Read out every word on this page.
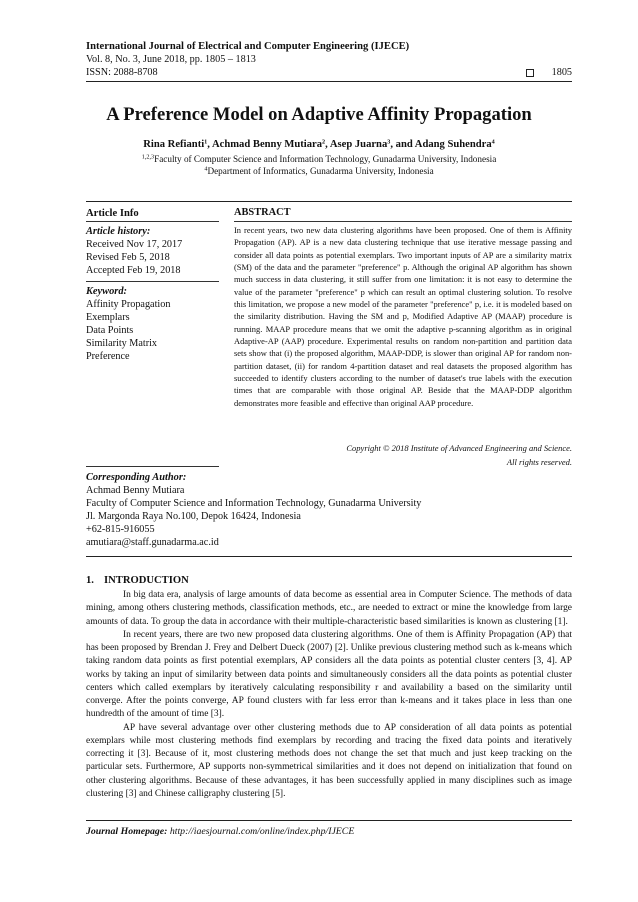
International Journal of Electrical and Computer Engineering (IJECE)
Vol. 8, No. 3, June 2018, pp. 1805 – 1813
ISSN: 2088-8708	1805
A Preference Model on Adaptive Affinity Propagation
Rina Refianti$^1$, Achmad Benny Mutiara$^2$, Asep Juarna$^3$, and Adang Suhendra$^4$
$^{1,2,3}$Faculty of Computer Science and Information Technology, Gunadarma University, Indonesia
$^4$Department of Informatics, Gunadarma University, Indonesia
Article Info
Article history:
Received Nov 17, 2017
Revised Feb 5, 2018
Accepted Feb 19, 2018
Keyword:
Affinity Propagation
Exemplars
Data Points
Similarity Matrix
Preference
ABSTRACT
In recent years, two new data clustering algorithms have been proposed. One of them is Affinity Propagation (AP). AP is a new data clustering technique that use iterative message passing and consider all data points as potential exemplars. Two important inputs of AP are a similarity matrix (SM) of the data and the parameter "preference" p. Although the original AP algorithm has shown much success in data clustering, it still suffer from one limitation: it is not easy to determine the value of the parameter "preference" p which can result an optimal clustering solution. To resolve this limitation, we propose a new model of the parameter "preference" p, i.e. it is modeled based on the similarity distribution. Having the SM and p, Modified Adaptive AP (MAAP) procedure is running. MAAP procedure means that we omit the adaptive p-scanning algorithm as in original Adaptive-AP (AAP) procedure. Experimental results on random non-partition and partition data sets show that (i) the proposed algorithm, MAAP-DDP, is slower than original AP for random non-partition dataset, (ii) for random 4-partition dataset and real datasets the proposed algorithm has succeeded to identify clusters according to the number of dataset's true labels with the execution times that are comparable with those original AP. Beside that the MAAP-DDP algorithm demonstrates more feasible and effective than original AAP procedure.
Copyright © 2018 Institute of Advanced Engineering and Science.
All rights reserved.
Corresponding Author:
Achmad Benny Mutiara
Faculty of Computer Science and Information Technology, Gunadarma University
Jl. Margonda Raya No.100, Depok 16424, Indonesia
+62-815-916055
amutiara@staff.gunadarma.ac.id
1. INTRODUCTION

In big data era, analysis of large amounts of data become as essential area in Computer Science. The methods of data mining, among others clustering methods, classification methods, etc., are needed to extract or mine the knowledge from large amounts of data. To group the data in accordance with their multiple-characteristic based similarities is known as clustering [1].

In recent years, there are two new proposed data clustering algorithms. One of them is Affinity Propagation (AP) that has been proposed by Brendan J. Frey and Delbert Dueck (2007) [2]. Unlike previous clustering method such as k-means which taking random data points as first potential exemplars, AP considers all the data points as potential cluster centers [3, 4]. AP works by taking an input of similarity between data points and simultaneously considers all the data points as potential cluster centers which called exemplars by iteratively calculating responsibility r and availability a based on the similarity until converge. After the points converge, AP found clusters with far less error than k-means and it takes place in less than one hundredth of the amount of time [3].

AP have several advantage over other clustering methods due to AP consideration of all data points as potential exemplars while most clustering methods find exemplars by recording and tracing the fixed data points and iteratively correcting it [3]. Because of it, most clustering methods does not change the set that much and just keep tracking on the particular sets. Furthermore, AP supports non-symmetrical similarities and it does not depend on initialization that found on other clustering algorithms. Because of these advantages, it has been successfully applied in many disciplines such as image clustering [3] and Chinese calligraphy clustering [5].

Journal Homepage: http://iaesjournal.com/online/index.php/IJECE
